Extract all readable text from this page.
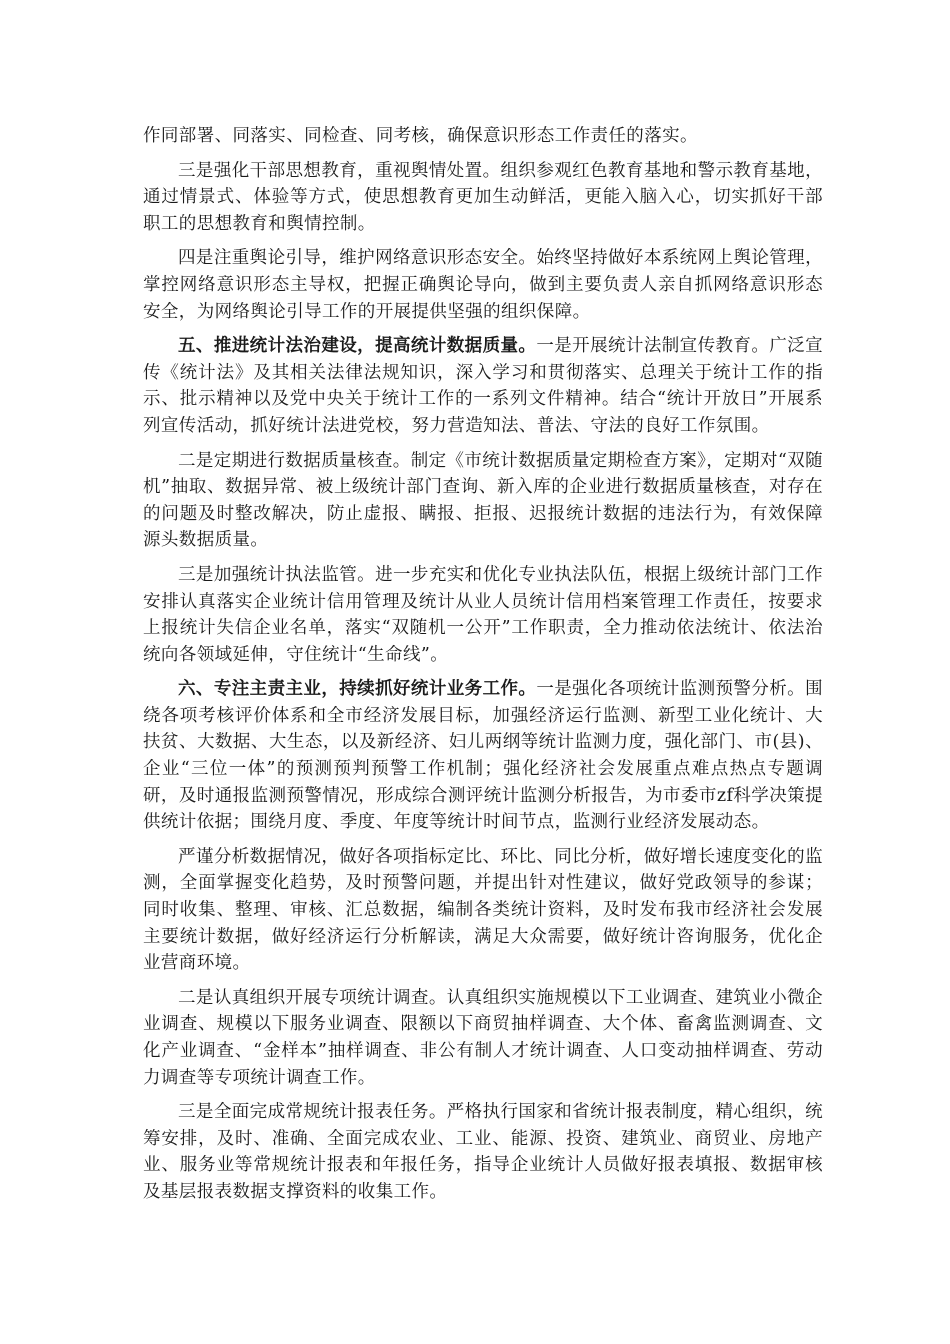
作同部署、同落实、同检查、同考核，确保意识形态工作责任的落实。

三是强化干部思想教育，重视舆情处置。组织参观红色教育基地和警示教育基地，通过情景式、体验等方式，使思想教育更加生动鲜活，更能入脑入心，切实抓好干部职工的思想教育和舆情控制。

四是注重舆论引导，维护网络意识形态安全。始终坚持做好本系统网上舆论管理，掌控网络意识形态主导权，把握正确舆论导向，做到主要负责人亲自抓网络意识形态安全，为网络舆论引导工作的开展提供坚强的组织保障。

五、推进统计法治建设，提高统计数据质量。一是开展统计法制宣传教育。广泛宣传《统计法》及其相关法律法规知识，深入学习和贯彻落实、总理关于统计工作的指示、批示精神以及党中央关于统计工作的一系列文件精神。结合“统计开放日”开展系列宣传活动，抓好统计法进党校，努力营造知法、普法、守法的良好工作氛围。

二是定期进行数据质量核查。制定《市统计数据质量定期检查方案》，定期对“双随机”抽取、数据异常、被上级统计部门查询、新入库的企业进行数据质量核查，对存在的问题及时整改解决，防止虚报、瞒报、拒报、迟报统计数据的违法行为，有效保障源头数据质量。

三是加强统计执法监管。进一步充实和优化专业执法队伍，根据上级统计部门工作安排认真落实企业统计信用管理及统计从业人员统计信用档案管理工作责任，按要求上报统计失信企业名单，落实“双随机一公开”工作职责，全力推动依法统计、依法治统向各领域延伸，守住统计“生命线”。

六、专注主责主业，持续抓好统计业务工作。一是强化各项统计监测预警分析。围绕各项考核评价体系和全市经济发展目标，加强经济运行监测、新型工业化统计、大扶贫、大数据、大生态，以及新经济、妇儿两纲等统计监测力度，强化部门、市(县)、企业“三位一体”的预测预判预警工作机制；强化经济社会发展重点难点热点专题调研，及时通报监测预警情况，形成综合测评统计监测分析报告，为市委市zf科学决策提供统计依据；围绕月度、季度、年度等统计时间节点，监测行业经济发展动态。

严谨分析数据情况，做好各项指标定比、环比、同比分析，做好增长速度变化的监测，全面掌握变化趋势，及时预警问题，并提出针对性建议，做好党政领导的参谋；同时收集、整理、审核、汇总数据，编制各类统计资料，及时发布我市经济社会发展主要统计数据，做好经济运行分析解读，满足大众需要，做好统计咨询服务，优化企业营商环境。

二是认真组织开展专项统计调查。认真组织实施规模以下工业调查、建筑业小微企业调查、规模以下服务业调查、限额以下商贸抽样调查、大个体、畜禽监测调查、文化产业调查、“金样本”抽样调查、非公有制人才统计调查、人口变动抽样调查、劳动力调查等专项统计调查工作。

三是全面完成常规统计报表任务。严格执行国家和省统计报表制度，精心组织，统筹安排，及时、准确、全面完成农业、工业、能源、投资、建筑业、商贸业、房地产业、服务业等常规统计报表和年报任务，指导企业统计人员做好报表填报、数据审核及基层报表数据支撑资料的收集工作。
